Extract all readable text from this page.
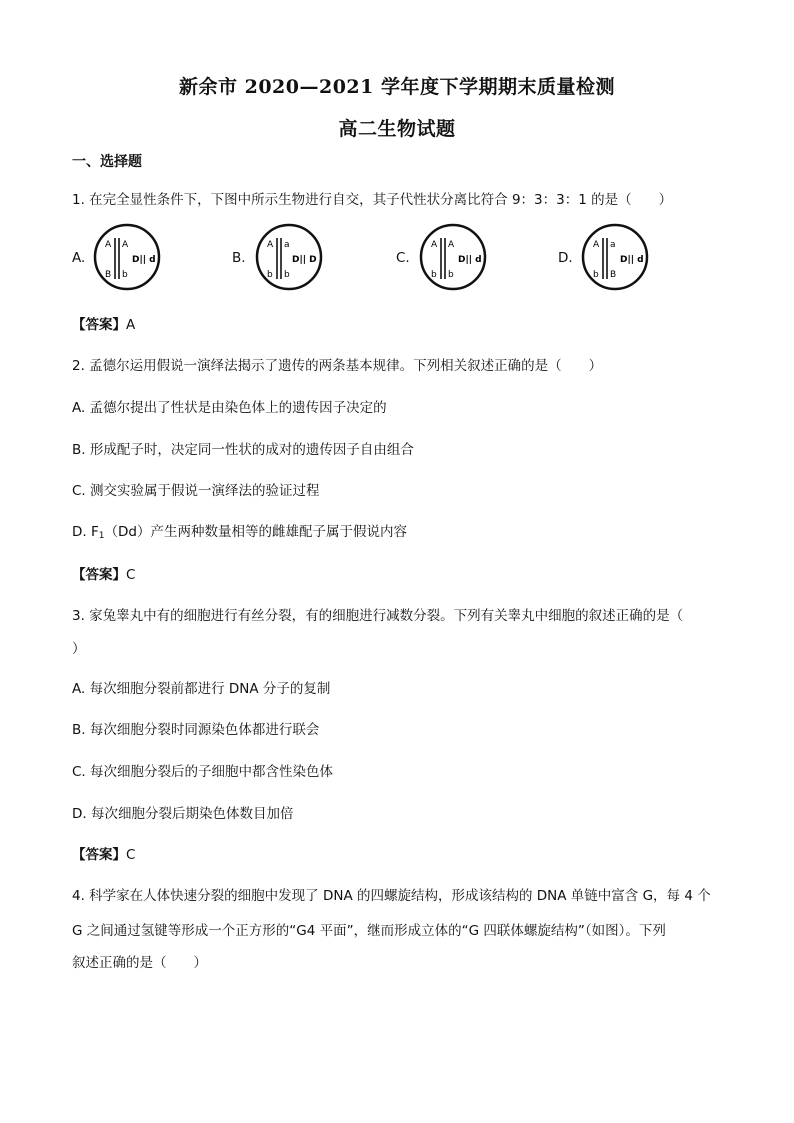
新余市 2020—2021 学年度下学期期末质量检测
高二生物试题
一、选择题
1. 在完全显性条件下，下图中所示生物进行自交，其子代性状分离比符合 9：3：3：1 的是（　　）
A.
A A
B b
D|| d	B.
A a
b b
D|| D	C.
A A
b b
D|| d	D.
A a
b B
D|| d
【答案】A
2. 孟德尔运用假说一演绎法揭示了遗传的两条基本规律。下列相关叙述正确的是（　　）
A. 孟德尔提出了性状是由染色体上的遗传因子决定的
B. 形成配子时，决定同一性状的成对的遗传因子自由组合
C. 测交实验属于假说一演绎法的验证过程
D. F1（Dd）产生两种数量相等的雌雄配子属于假说内容
【答案】C
3. 家兔睾丸中有的细胞进行有丝分裂，有的细胞进行减数分裂。下列有关睾丸中细胞的叙述正确的是（
）
A. 每次细胞分裂前都进行 DNA 分子的复制
B. 每次细胞分裂时同源染色体都进行联会
C. 每次细胞分裂后的子细胞中都含性染色体
D. 每次细胞分裂后期染色体数目加倍
【答案】C
4. 科学家在人体快速分裂的细胞中发现了 DNA 的四螺旋结构，形成该结构的 DNA 单链中富含 G，每 4 个
G 之间通过氢键等形成一个正方形的“G4 平面”，继而形成立体的“G 四联体螺旋结构”（如图）。下列
叙述正确的是（　　）
